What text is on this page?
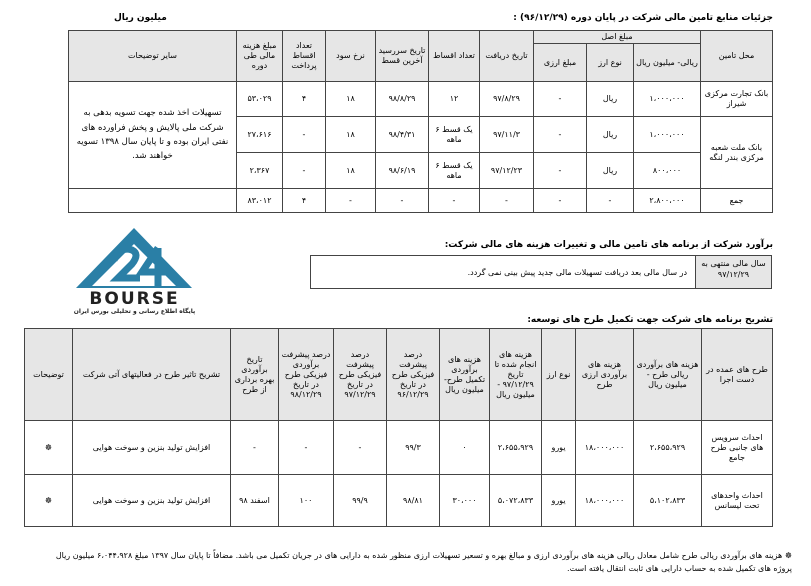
جزئیات منابع تامین مالی شرکت در پایان دوره (۹۶/۱۲/۲۹) :
میلیون ریال
محل تامین	مبلغ اصل			تاریخ دریافت	تعداد اقساط	تاریخ سررسید آخرین قسط	نرخ سود	تعداد اقساط پرداخت	مبلغ هزینه مالی طی دوره	سایر توضیحات
	ریالی- میلیون ریال	نوع ارز	مبلغ ارزی							
بانک تجارت مرکزی شیراز	۱،۰۰۰،۰۰۰	ریال	-	۹۷/۸/۲۹	۱۲	۹۸/۸/۲۹	۱۸	۴	۵۳،۰۲۹	تسهیلات اخذ شده جهت تسویه بدهی به شرکت ملی پالایش و پخش فراورده های نفتی ایران بوده و تا پایان سال ۱۳۹۸ تسویه خواهند شد.
بانک ملت شعبه مرکزی بندر لنگه	۱،۰۰۰،۰۰۰	ریال	-	۹۷/۱۱/۳	یک قسط ۶ ماهه	۹۸/۴/۳۱	۱۸	-	۲۷،۶۱۶	
	۸۰۰،۰۰۰	ریال	-	۹۷/۱۲/۲۳	یک قسط ۶ ماهه	۹۸/۶/۱۹	۱۸	-	۲،۳۶۷	
جمع	۲،۸۰۰،۰۰۰	-	-	-	-	-	-	۴	۸۳،۰۱۲	
BOURSE
پایگاه اطلاع رسانی و تحلیلی بورس ایران
برآورد شرکت از برنامه های تامین مالی و تغییرات هزینه های مالی شرکت:
سال مالی منتهی به ۹۷/۱۲/۲۹
در سال مالی بعد دریافت تسهیلات مالی جدید پیش بینی نمی گردد.
تشریح برنامه های شرکت جهت تکمیل طرح های توسعه:
طرح های عمده در دست اجرا	هزینه های برآوردی ریالی طرح - میلیون ریال	هزینه های برآوردی ارزی طرح	نوع ارز	هزینه های انجام شده تا تاریخ ۹۷/۱۲/۲۹ - میلیون ریال	هزینه های برآوردی تکمیل طرح- میلیون ریال	درصد پیشرفت فیزیکی طرح در تاریخ ۹۶/۱۲/۲۹	درصد پیشرفت فیزیکی طرح در تاریخ ۹۷/۱۲/۲۹	درصد پیشرفت برآوردی فیزیکی طرح در تاریخ ۹۸/۱۲/۲۹	تاریخ برآوردی بهره برداری از طرح	تشریح تاثیر طرح در فعالیتهای آتی شرکت	توضیحات
احداث سرویس های جانبی طرح جامع	۲،۶۵۵،۹۲۹	۱۸،۰۰۰،۰۰۰	یورو	۲،۶۵۵،۹۲۹	۰	۹۹/۳	-	-	-	افزایش تولید بنزین و سوخت هوایی	☸
احداث واحدهای تحت لیسانس	۵،۱۰۲،۸۳۳	۱۸،۰۰۰،۰۰۰	یورو	۵،۰۷۲،۸۳۳	۳۰،۰۰۰	۹۸/۸۱	۹۹/۹	۱۰۰	اسفند ۹۸	افزایش تولید بنزین و سوخت هوایی	☸
☸ هزینه های برآوردی ریالی طرح شامل معادل ریالی هزینه های برآوردی ارزی و مبالغ بهره و تسعیر تسهیلات ارزی منظور شده به دارایی های در جریان تکمیل می باشد. مضافاً تا پایان سال ۱۳۹۷ مبلغ ۶،۰۴۴،۹۲۸ میلیون ریال
پروژه های تکمیل شده به حساب دارایی های ثابت انتقال یافته است.
